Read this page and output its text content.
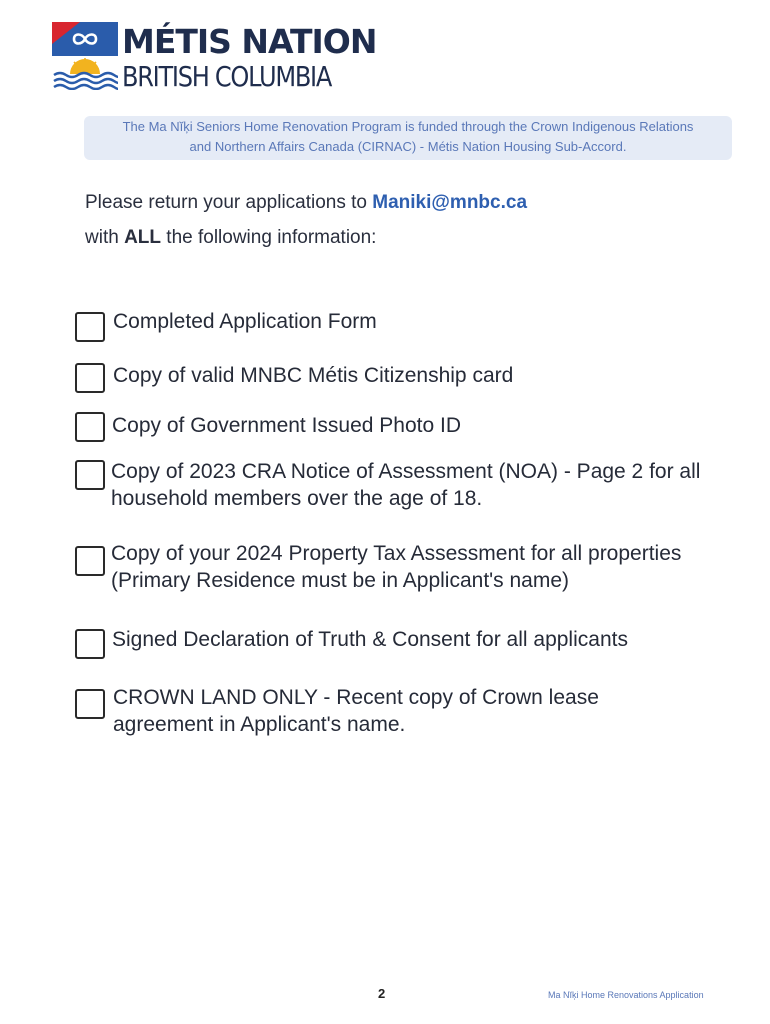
MÉTIS NATION
BRITISH COLUMBIA
The Ma Nĭķi Seniors Home Renovation Program is funded through the Crown Indigenous Relations
and Northern Affairs Canada (CIRNAC) - Métis Nation Housing Sub-Accord.
Please return your applications to Maniki@mnbc.ca
with ALL the following information:
Completed Application Form
Copy of valid MNBC Métis Citizenship card
Copy of Government Issued Photo ID
Copy of 2023 CRA Notice of Assessment (NOA) - Page 2 for all
household members over the age of 18.
Copy of your 2024 Property Tax Assessment for all properties
(Primary Residence must be in Applicant's name)
Signed Declaration of Truth & Consent for all applicants
CROWN LAND ONLY - Recent copy of Crown lease
agreement in Applicant's name.
2	Ma Nĭķi Home Renovations Application
